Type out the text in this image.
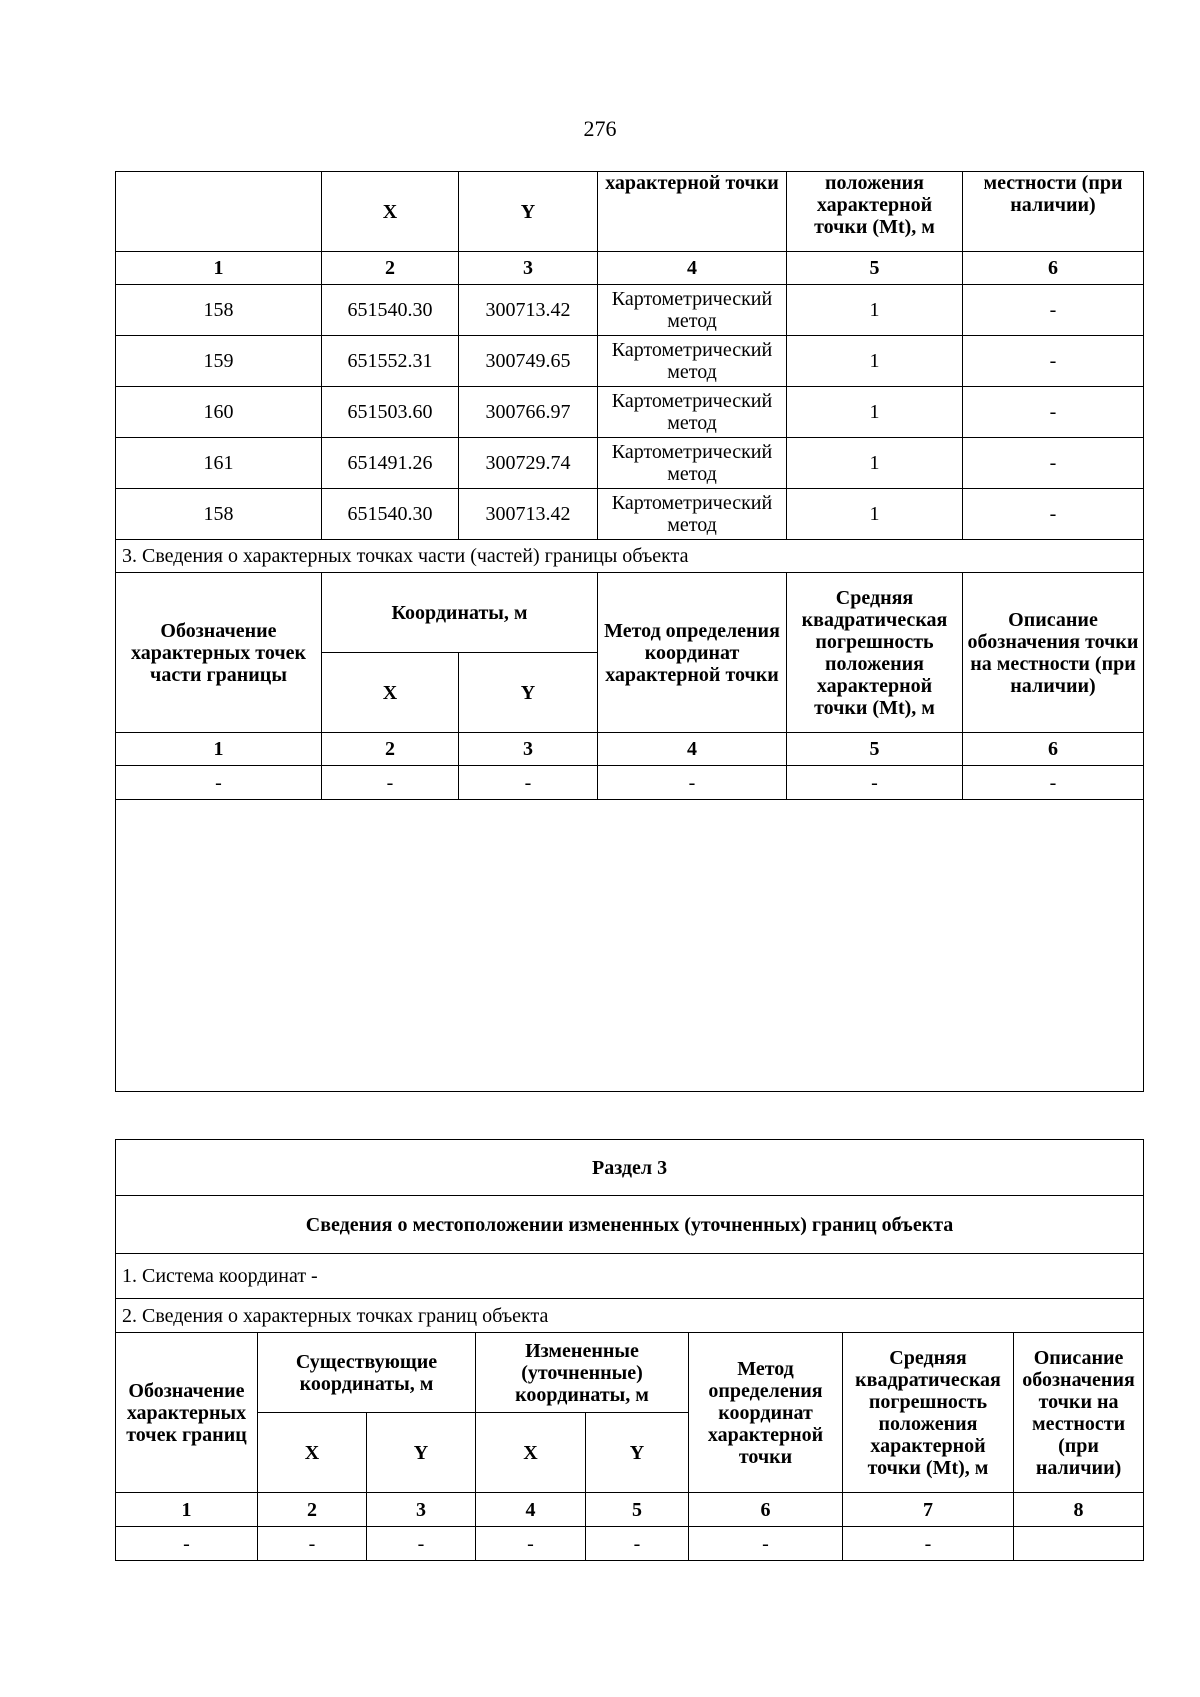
276
	X	Y	характерной точки	положения характерной точки (Mt), м	местности (при наличии)
1	2	3	4	5	6
158	651540.30	300713.42	Картометрический метод	1	-
159	651552.31	300749.65	Картометрический метод	1	-
160	651503.60	300766.97	Картометрический метод	1	-
161	651491.26	300729.74	Картометрический метод	1	-
158	651540.30	300713.42	Картометрический метод	1	-
3. Сведения о характерных точках части (частей) границы объекта					
Обозначение характерных точек части границы	Координаты, м		Метод определения координат характерной точки	Средняя квадратическая погрешность положения характерной точки (Mt), м	Описание обозначения точки на местности (при наличии)
	X	Y			
1	2	3	4	5	6
-	-	-	-	-	-

Раздел 3							
Сведения о местоположении измененных (уточненных) границ объекта							
1. Система координат -							
2. Сведения о характерных точках границ объекта							
Обозначение характерных точек границ	Существующие координаты, м		Измененные (уточненные) координаты, м		Метод определения координат характерной точки	Средняя квадратическая погрешность положения характерной точки (Mt), м	Описание обозначения точки на местности (при наличии)
	X	Y	X	Y			
1	2	3	4	5	6	7	8
-	-	-	-	-	-	-	
